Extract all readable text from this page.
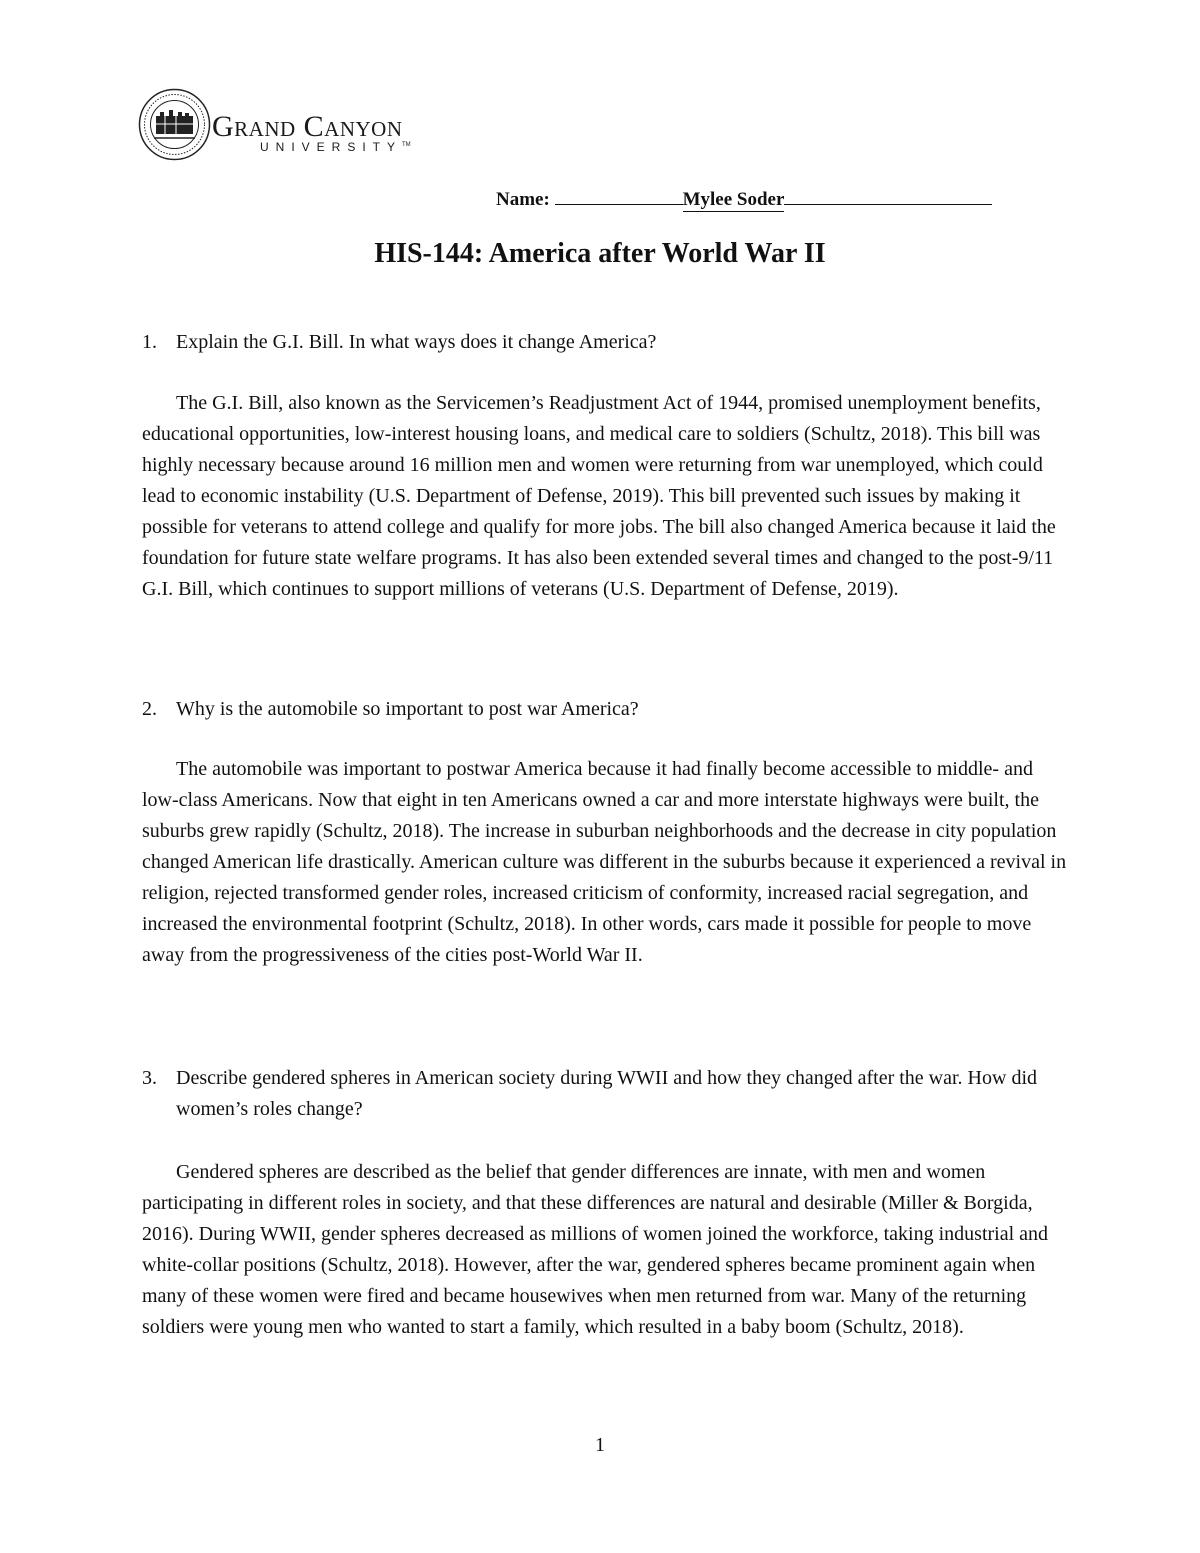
Grand Canyon
UNIVERSITY™
Name:	Mylee Soder
HIS-144: America after World War II
1. Explain the G.I. Bill. In what ways does it change America?
The G.I. Bill, also known as the Servicemen’s Readjustment Act of 1944, promised unemployment benefits, educational opportunities, low-interest housing loans, and medical care to soldiers (Schultz, 2018). This bill was highly necessary because around 16 million men and women were returning from war unemployed, which could lead to economic instability (U.S. Department of Defense, 2019). This bill prevented such issues by making it possible for veterans to attend college and qualify for more jobs. The bill also changed America because it laid the foundation for future state welfare programs. It has also been extended several times and changed to the post-9/11 G.I. Bill, which continues to support millions of veterans (U.S. Department of Defense, 2019).
2. Why is the automobile so important to post war America?
The automobile was important to postwar America because it had finally become accessible to middle- and low-class Americans. Now that eight in ten Americans owned a car and more interstate highways were built, the suburbs grew rapidly (Schultz, 2018). The increase in suburban neighborhoods and the decrease in city population changed American life drastically. American culture was different in the suburbs because it experienced a revival in religion, rejected transformed gender roles, increased criticism of conformity, increased racial segregation, and increased the environmental footprint (Schultz, 2018). In other words, cars made it possible for people to move away from the progressiveness of the cities post-World War II.
3. Describe gendered spheres in American society during WWII and how they changed after the war. How did women’s roles change?
Gendered spheres are described as the belief that gender differences are innate, with men and women participating in different roles in society, and that these differences are natural and desirable (Miller & Borgida, 2016). During WWII, gender spheres decreased as millions of women joined the workforce, taking industrial and white-collar positions (Schultz, 2018). However, after the war, gendered spheres became prominent again when many of these women were fired and became housewives when men returned from war. Many of the returning soldiers were young men who wanted to start a family, which resulted in a baby boom (Schultz, 2018).
1
